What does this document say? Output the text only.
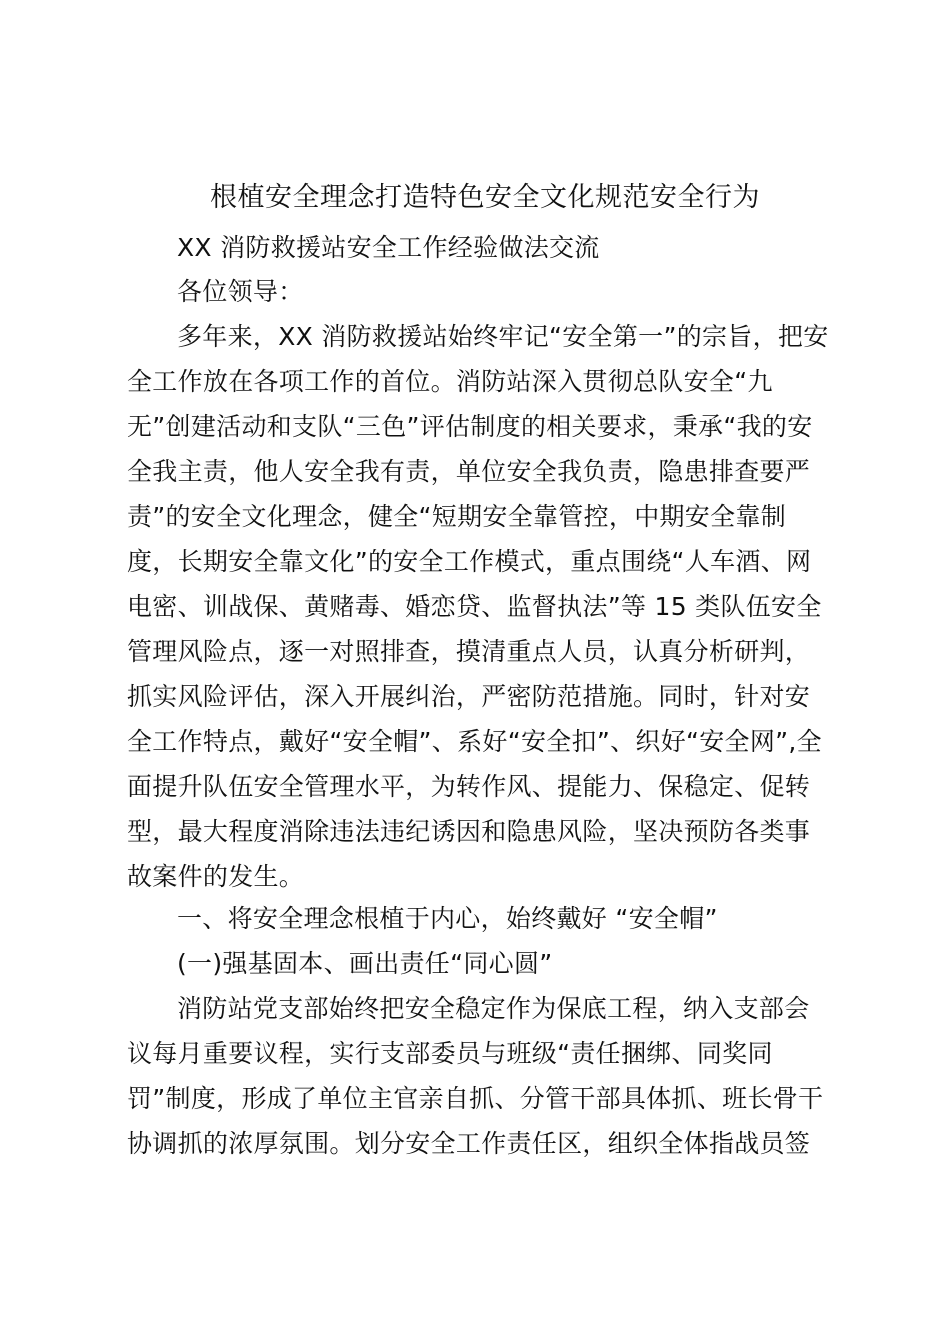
根植安全理念打造特色安全文化规范安全行为
XX 消防救援站安全工作经验做法交流
各位领导：
多年来，XX 消防救援站始终牢记“安全第一”的宗旨，把安
全工作放在各项工作的首位。消防站深入贯彻总队安全“九
无”创建活动和支队“三色”评估制度的相关要求，秉承“我的安
全我主责，他人安全我有责，单位安全我负责，隐患排查要严
责”的安全文化理念，健全“短期安全靠管控，中期安全靠制
度，长期安全靠文化”的安全工作模式，重点围绕“人车酒、网
电密、训战保、黄赌毒、婚恋贷、监督执法”等 15 类队伍安全
管理风险点，逐一对照排查，摸清重点人员，认真分析研判，
抓实风险评估，深入开展纠治，严密防范措施。同时，针对安
全工作特点，戴好“安全帽”、系好“安全扣”、织好“安全网”,全
面提升队伍安全管理水平，为转作风、提能力、保稳定、促转
型，最大程度消除违法违纪诱因和隐患风险，坚决预防各类事
故案件的发生。
一、将安全理念根植于内心，始终戴好 “安全帽”
(一)强基固本、画出责任“同心圆”
消防站党支部始终把安全稳定作为保底工程，纳入支部会
议每月重要议程，实行支部委员与班级“责任捆绑、同奖同
罚”制度，形成了单位主官亲自抓、分管干部具体抓、班长骨干
协调抓的浓厚氛围。划分安全工作责任区，组织全体指战员签
